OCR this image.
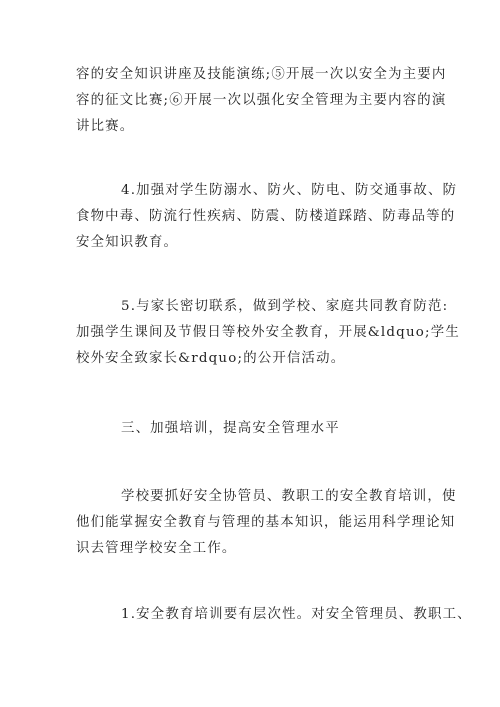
容的安全知识讲座及技能演练;⑤开展一次以安全为主要内
容的征文比赛;⑥开展一次以强化安全管理为主要内容的演
讲比赛。

4.加强对学生防溺水、防火、防电、防交通事故、防
食物中毒、防流行性疾病、防震、防楼道踩踏、防毒品等的
安全知识教育。

5.与家长密切联系，做到学校、家庭共同教育防范:
加强学生课间及节假日等校外安全教育，开展&ldquo;学生
校外安全致家长&rdquo;的公开信活动。

三、加强培训，提高安全管理水平

学校要抓好安全协管员、教职工的安全教育培训，使
他们能掌握安全教育与管理的基本知识，能运用科学理论知
识去管理学校安全工作。

1.安全教育培训要有层次性。对安全管理员、教职工、
